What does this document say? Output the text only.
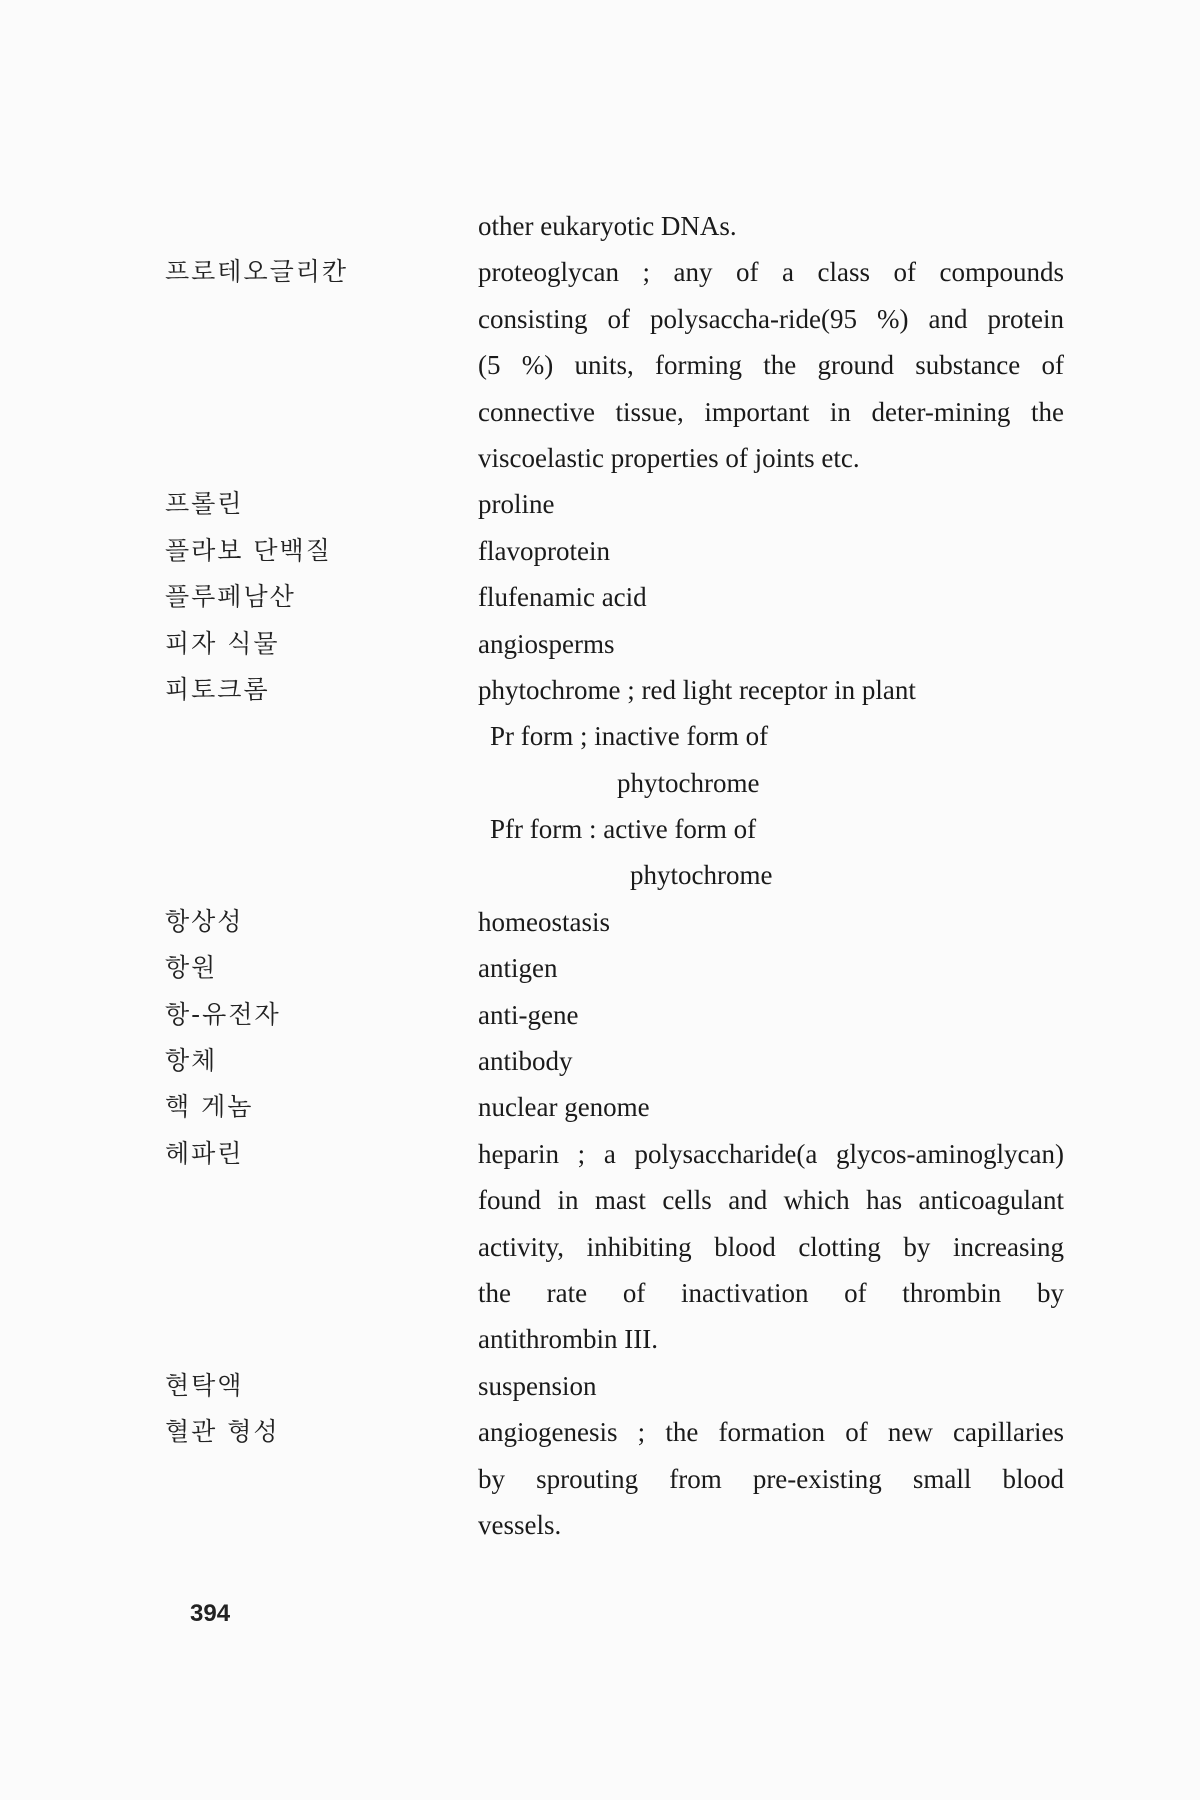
other eukaryotic DNAs.
프로테오글리칸	proteoglycan ; any of a class of compounds
consisting of polysaccha-ride(95 %) and protein
(5 %) units, forming the ground substance of
connective tissue, important in deter-mining the
viscoelastic properties of joints etc.
프롤린	proline
플라보 단백질	flavoprotein
플루페남산	flufenamic acid
피자 식물	angiosperms
피토크롬	phytochrome ; red light receptor in plant
Pr form ; inactive form of
phytochrome
Pfr form : active form of
phytochrome
항상성	homeostasis
항원	antigen
항-유전자	anti-gene
항체	antibody
핵 게놈	nuclear genome
헤파린	heparin ; a polysaccharide(a glycos-aminoglycan)
found in mast cells and which has anticoagulant
activity, inhibiting blood clotting by increasing
the rate of inactivation of thrombin by
antithrombin III.
현탁액	suspension
혈관 형성	angiogenesis ; the formation of new capillaries
by sprouting from pre-existing small blood
vessels.
394
